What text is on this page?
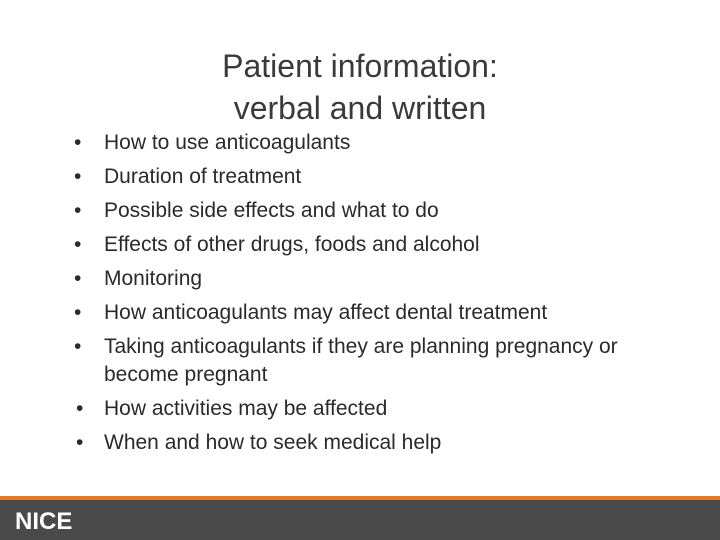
Patient information:
verbal and written
• How to use anticoagulants
• Duration of treatment
• Possible side effects and what to do
• Effects of other drugs, foods and alcohol
• Monitoring
• How anticoagulants may affect dental treatment
• Taking anticoagulants if they are planning pregnancy or become pregnant
• How activities may be affected
• When and how to seek medical help
NICE
